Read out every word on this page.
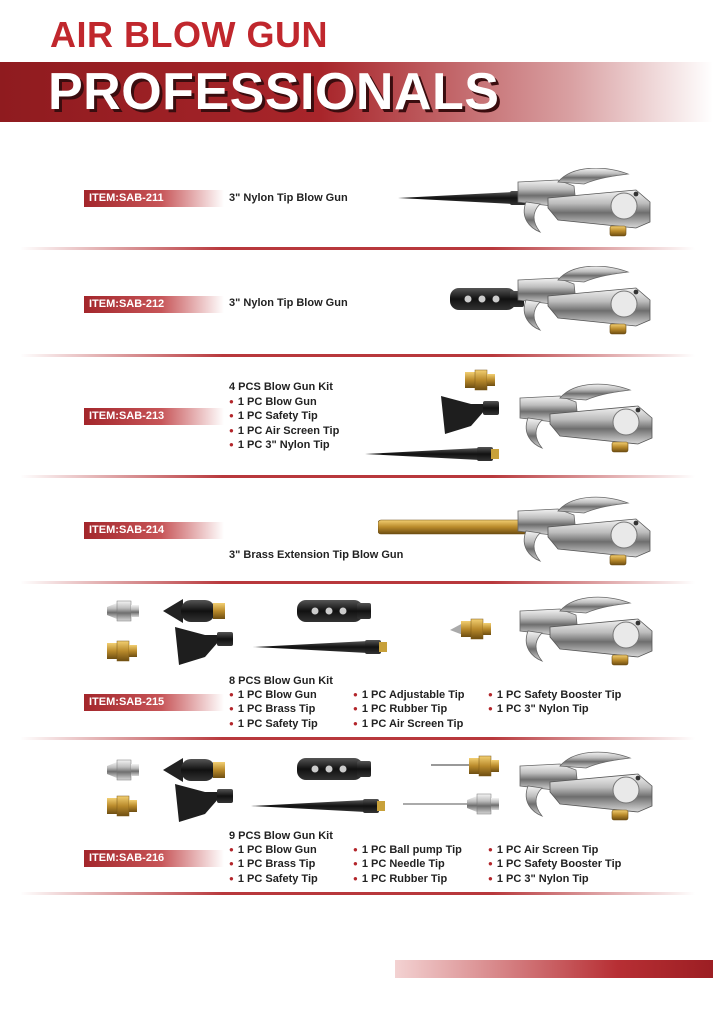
AIR BLOW GUN
PROFESSIONALS
ITEM:SAB-211	3" Nylon Tip Blow Gun
ITEM:SAB-212	3" Nylon Tip Blow Gun
4 PCS Blow Gun Kit
● 1 PC Blow Gun
● 1 PC Safety Tip
● 1 PC Air Screen Tip
● 1 PC 3" Nylon Tip
ITEM:SAB-213
ITEM:SAB-214
3" Brass Extension Tip Blow Gun
8 PCS Blow Gun Kit
● 1 PC Blow Gun
● 1 PC Brass Tip
● 1 PC Safety Tip
● 1 PC Adjustable Tip
● 1 PC Rubber Tip
● 1 PC Air Screen Tip
● 1 PC Safety Booster Tip
● 1 PC 3" Nylon Tip
ITEM:SAB-215
9 PCS Blow Gun Kit
● 1 PC Blow Gun
● 1 PC Brass Tip
● 1 PC Safety Tip
● 1 PC Ball pump Tip
● 1 PC Needle Tip
● 1 PC Rubber Tip
● 1 PC Air Screen Tip
● 1 PC Safety Booster Tip
● 1 PC 3" Nylon Tip
ITEM:SAB-216
